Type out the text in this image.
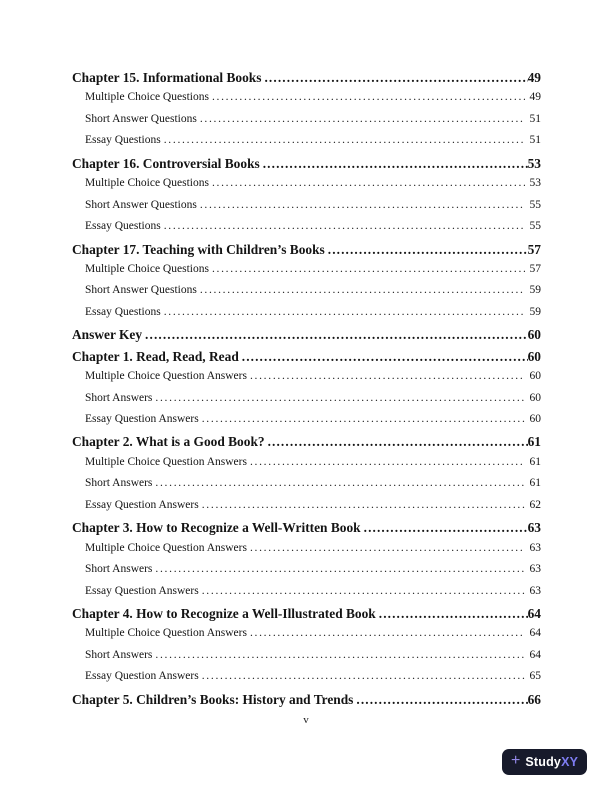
Chapter 15. Informational Books .....	49
Multiple Choice Questions .....	49
Short Answer Questions .....	51
Essay Questions .....	51
Chapter 16. Controversial Books .....	53
Multiple Choice Questions .....	53
Short Answer Questions .....	55
Essay Questions .....	55
Chapter 17. Teaching with Children’s Books .....	57
Multiple Choice Questions .....	57
Short Answer Questions .....	59
Essay Questions .....	59
Answer Key .....	60
Chapter 1. Read, Read, Read .....	60
Multiple Choice Question Answers .....	60
Short Answers .....	60
Essay Question Answers .....	60
Chapter 2. What is a Good Book? .....	61
Multiple Choice Question Answers .....	61
Short Answers .....	61
Essay Question Answers .....	62
Chapter 3. How to Recognize a Well-Written Book .....	63
Multiple Choice Question Answers .....	63
Short Answers .....	63
Essay Question Answers .....	63
Chapter 4. How to Recognize a Well-Illustrated Book .....	64
Multiple Choice Question Answers .....	64
Short Answers .....	64
Essay Question Answers .....	65
Chapter 5. Children’s Books: History and Trends .....	66
v
+ StudyXY
